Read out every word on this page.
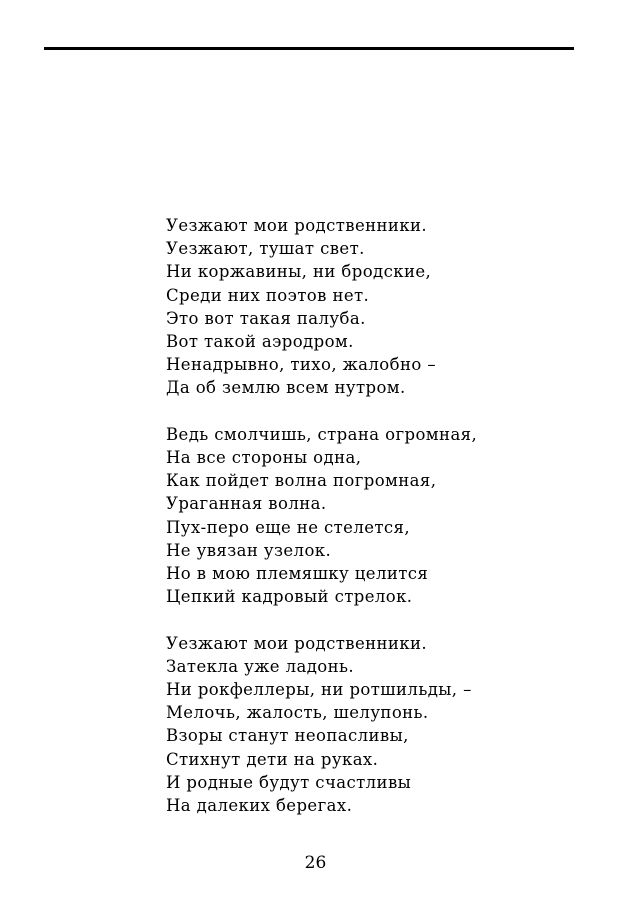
Уезжают мои родственники.
Уезжают, тушат свет.
Ни коржавины, ни бродские,
Среди них поэтов нет.
Это вот такая палуба.
Вот такой аэродром.
Ненадрывно, тихо, жалобно –
Да об землю всем нутром.
Ведь смолчишь, страна огромная,
На все стороны одна,
Как пойдет волна погромная,
Ураганная волна.
Пух-перо еще не стелется,
Не увязан узелок.
Но в мою племяшку целится
Цепкий кадровый стрелок.
Уезжают мои родственники.
Затекла уже ладонь.
Ни рокфеллеры, ни ротшильды, –
Мелочь, жалость, шелупонь.
Взоры станут неопасливы,
Стихнут дети на руках.
И родные будут счастливы
На далеких берегах.
26
